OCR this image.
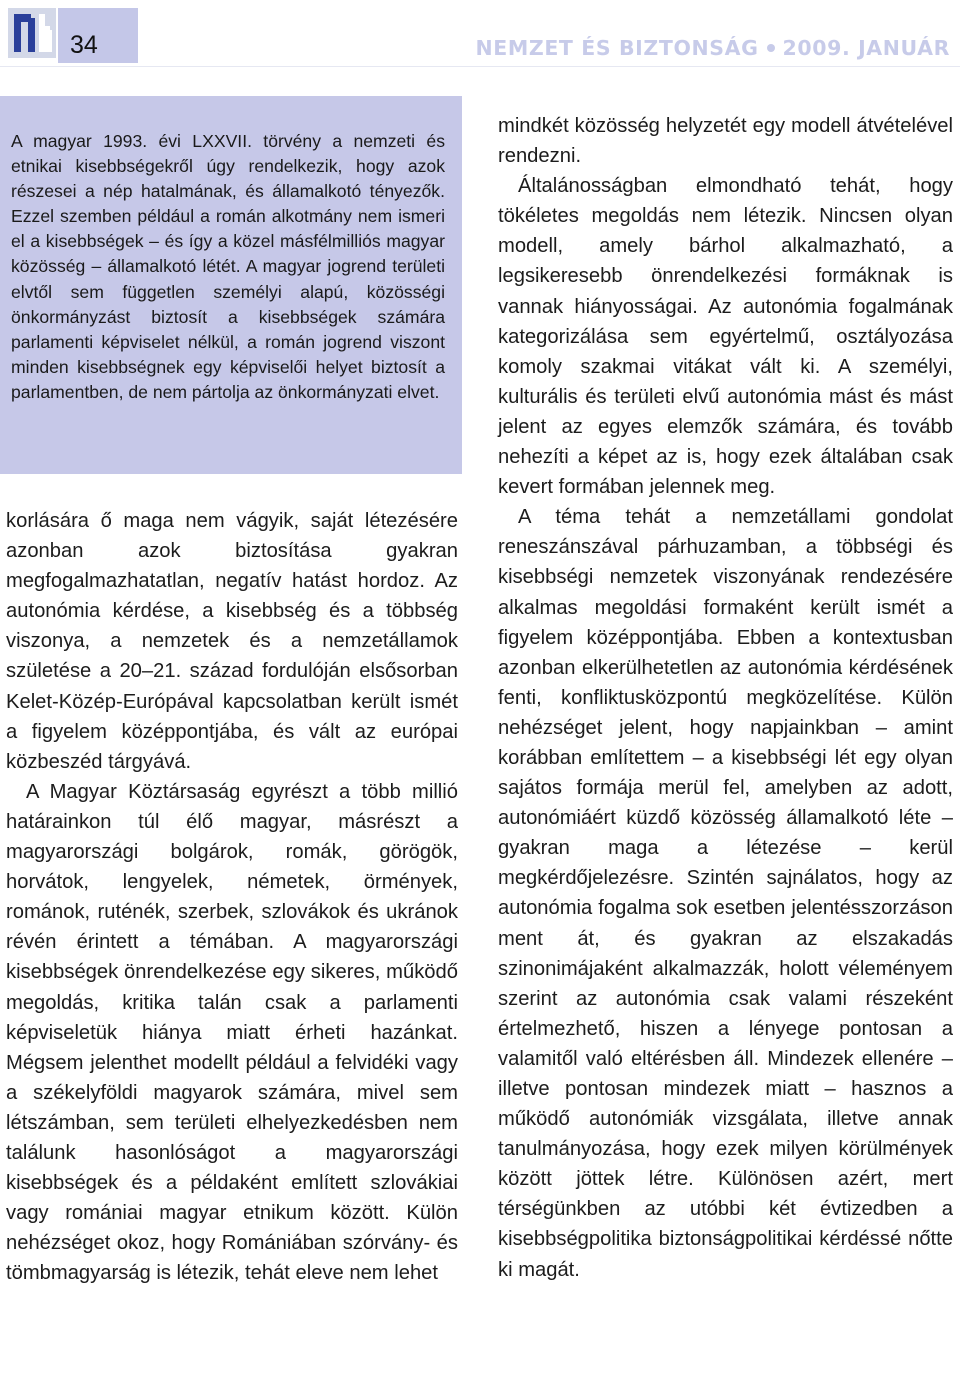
34	NEMZET ÉS BIZTONSÁG 2009. JANUÁR

A magyar 1993. évi LXXVII. törvény a nemzeti és etnikai kisebbségekről úgy rendelkezik, hogy azok részesei a nép hatalmának, és államalkotó tényezők. Ezzel szemben például a román alkotmány nem ismeri el a kisebbségek – és így a közel másfélmilliós magyar közösség – államalkotó létét. A magyar jogrend területi elvtől sem független személyi alapú, közösségi önkormányzást biztosít a kisebbségek számára parlamenti képviselet nélkül, a román jogrend viszont minden kisebbségnek egy képviselői helyet biztosít a parlamentben, de nem pártolja az önkormányzati elvet.

korlására ő maga nem vágyik, saját létezésére azonban azok biztosítása gyakran megfogalmazhatatlan, negatív hatást hordoz. Az autonómia kérdése, a kisebbség és a többség viszonya, a nemzetek és a nemzetállamok születése a 20–21. század fordulóján elsősorban Kelet-Közép-Európával kapcsolatban került ismét a figyelem középpontjába, és vált az európai közbeszéd tárgyává.

A Magyar Köztársaság egyrészt a több millió határainkon túl élő magyar, másrészt a magyarországi bolgárok, romák, görögök, horvátok, lengyelek, németek, örmények, románok, ruténék, szerbek, szlovákok és ukránok révén érintett a témában. A magyarországi kisebbségek önrendelkezése egy sikeres, működő megoldás, kritika talán csak a parlamenti képviseletük hiánya miatt érheti hazánkat. Mégsem jelenthet modellt például a felvidéki vagy a székelyföldi magyarok számára, mivel sem létszámban, sem területi elhelyezkedésben nem találunk hasonlóságot a magyarországi kisebbségek és a példaként említett szlovákiai vagy romániai magyar etnikum között. Külön nehézséget okoz, hogy Romániában szórvány- és tömbmagyarság is létezik, tehát eleve nem lehet

mindkét közösség helyzetét egy modell átvételével rendezni.

Általánosságban elmondható tehát, hogy tökéletes megoldás nem létezik. Nincsen olyan modell, amely bárhol alkalmazható, a legsikeresebb önrendelkezési formáknak is vannak hiányosságai. Az autonómia fogalmának kategorizálása sem egyértelmű, osztályozása komoly szakmai vitákat vált ki. A személyi, kulturális és területi elvű autonómia mást és mást jelent az egyes elemzők számára, és tovább nehezíti a képet az is, hogy ezek általában csak kevert formában jelennek meg.

A téma tehát a nemzetállami gondolat reneszánszával párhuzamban, a többségi és kisebbségi nemzetek viszonyának rendezésére alkalmas megoldási formaként került ismét a figyelem középpontjába. Ebben a kontextusban azonban elkerülhetetlen az autonómia kérdésének fenti, konfliktusközpontú megközelítése. Külön nehézséget jelent, hogy napjainkban – amint korábban említettem – a kisebbségi lét egy olyan sajátos formája merül fel, amelyben az adott, autonómiáért küzdő közösség államalkotó léte – gyakran maga a létezése – kerül megkérdőjelezésre. Szintén sajnálatos, hogy az autonómia fogalma sok esetben jelentésszorzáson ment át, és gyakran az elszakadás szinonimájaként alkalmazzák, holott véleményem szerint az autonómia csak valami részeként értelmezhető, hiszen a lényege pontosan a valamitől való eltérésben áll. Mindezek ellenére – illetve pontosan mindezek miatt – hasznos a működő autonómiák vizsgálata, illetve annak tanulmányozása, hogy ezek milyen körülmények között jöttek létre. Különösen azért, mert térségünkben az utóbbi két évtizedben a kisebbségpolitika biztonságpolitikai kérdéssé nőtte ki magát.
